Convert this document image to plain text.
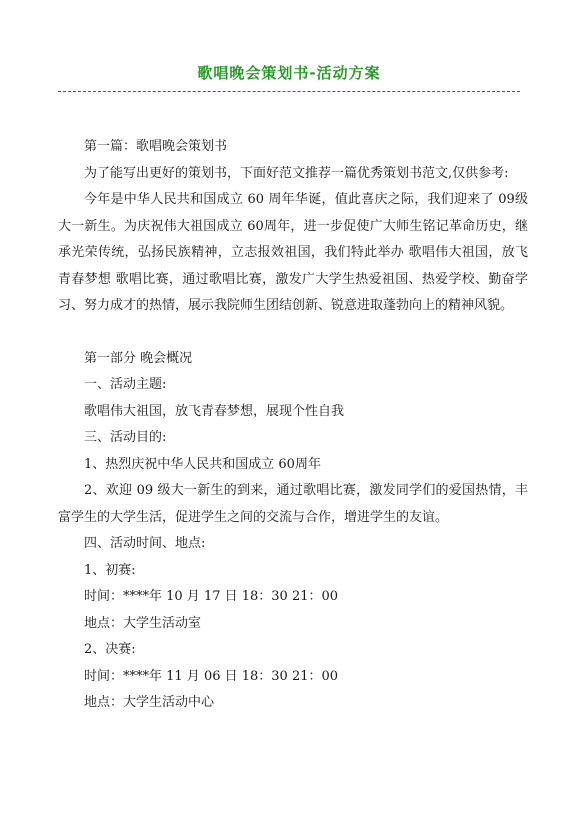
歌唱晚会策划书-活动方案

第一篇：歌唱晚会策划书

为了能写出更好的策划书，下面好范文推荐一篇优秀策划书范文,仅供参考:

今年是中华人民共和国成立 60 周年华诞，值此喜庆之际，我们迎来了 09级大一新生。为庆祝伟大祖国成立 60周年，进一步促使广大师生铭记革命历史，继承光荣传统，弘扬民族精神，立志报效祖国，我们特此举办 歌唱伟大祖国，放飞青春梦想 歌唱比赛，通过歌唱比赛，激发广大学生热爱祖国、热爱学校、勤奋学习、努力成才的热情，展示我院师生团结创新、锐意进取蓬勃向上的精神风貌。

第一部分 晚会概况

一、活动主题:

歌唱伟大祖国，放飞青春梦想，展现个性自我

三、活动目的:

1、热烈庆祝中华人民共和国成立 60周年

2、欢迎 09 级大一新生的到来，通过歌唱比赛，激发同学们的爱国热情，丰富学生的大学生活，促进学生之间的交流与合作，增进学生的友谊。

四、活动时间、地点:

1、初赛:

时间：****年 10 月 17 日 18：30 21：00

地点：大学生活动室

2、决赛:

时间：****年 11 月 06 日 18：30 21：00

地点：大学生活动中心
